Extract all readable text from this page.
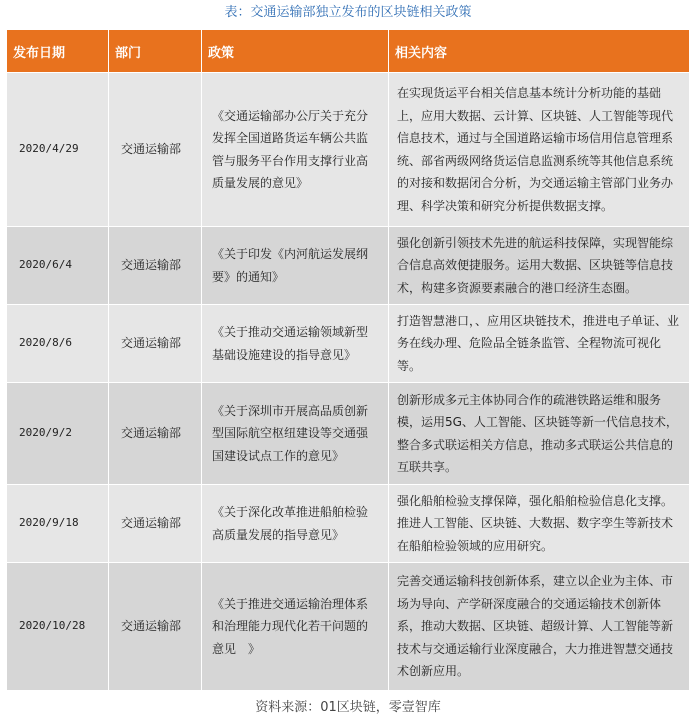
表：交通运输部独立发布的区块链相关政策
发布日期	部门	政策	相关内容
2020/4/29	交通运输部	《交通运输部办公厅关于充分发挥全国道路货运车辆公共监管与服务平台作用支撑行业高质量发展的意见》	在实现货运平台相关信息基本统计分析功能的基础上，应用大数据、云计算、区块链、人工智能等现代信息技术，通过与全国道路运输市场信用信息管理系统、部省两级网络货运信息监测系统等其他信息系统的对接和数据闭合分析，为交通运输主管部门业务办理、科学决策和研究分析提供数据支撑。
2020/6/4	交通运输部	《关于印发《内河航运发展纲要》的通知》	强化创新引领技术先进的航运科技保障，实现智能综合信息高效便捷服务。运用大数据、区块链等信息技术，构建多资源要素融合的港口经济生态圈。
2020/8/6	交通运输部	《关于推动交通运输领域新型基础设施建设的指导意见》	打造智慧港口，、应用区块链技术，推进电子单证、业务在线办理、危险品全链条监管、全程物流可视化等。
2020/9/2	交通运输部	《关于深圳市开展高品质创新型国际航空枢纽建设等交通强国建设试点工作的意见》	创新形成多元主体协同合作的疏港铁路运维和服务模，运用5G、人工智能、区块链等新一代信息技术，整合多式联运相关方信息，推动多式联运公共信息的互联共享。
2020/9/18	交通运输部	《关于深化改革推进船舶检验高质量发展的指导意见》	强化船舶检验支撑保障，强化船舶检验信息化支撑。推进人工智能、区块链、大数据、数字孪生等新技术在船舶检验领域的应用研究。
2020/10/28	交通运输部	《关于推进交通运输治理体系和治理能力现代化若干问题的意见　》	完善交通运输科技创新体系，建立以企业为主体、市场为导向、产学研深度融合的交通运输技术创新体系，推动大数据、区块链、超级计算、人工智能等新技术与交通运输行业深度融合，大力推进智慧交通技术创新应用。
资料来源：01区块链，零壹智库
